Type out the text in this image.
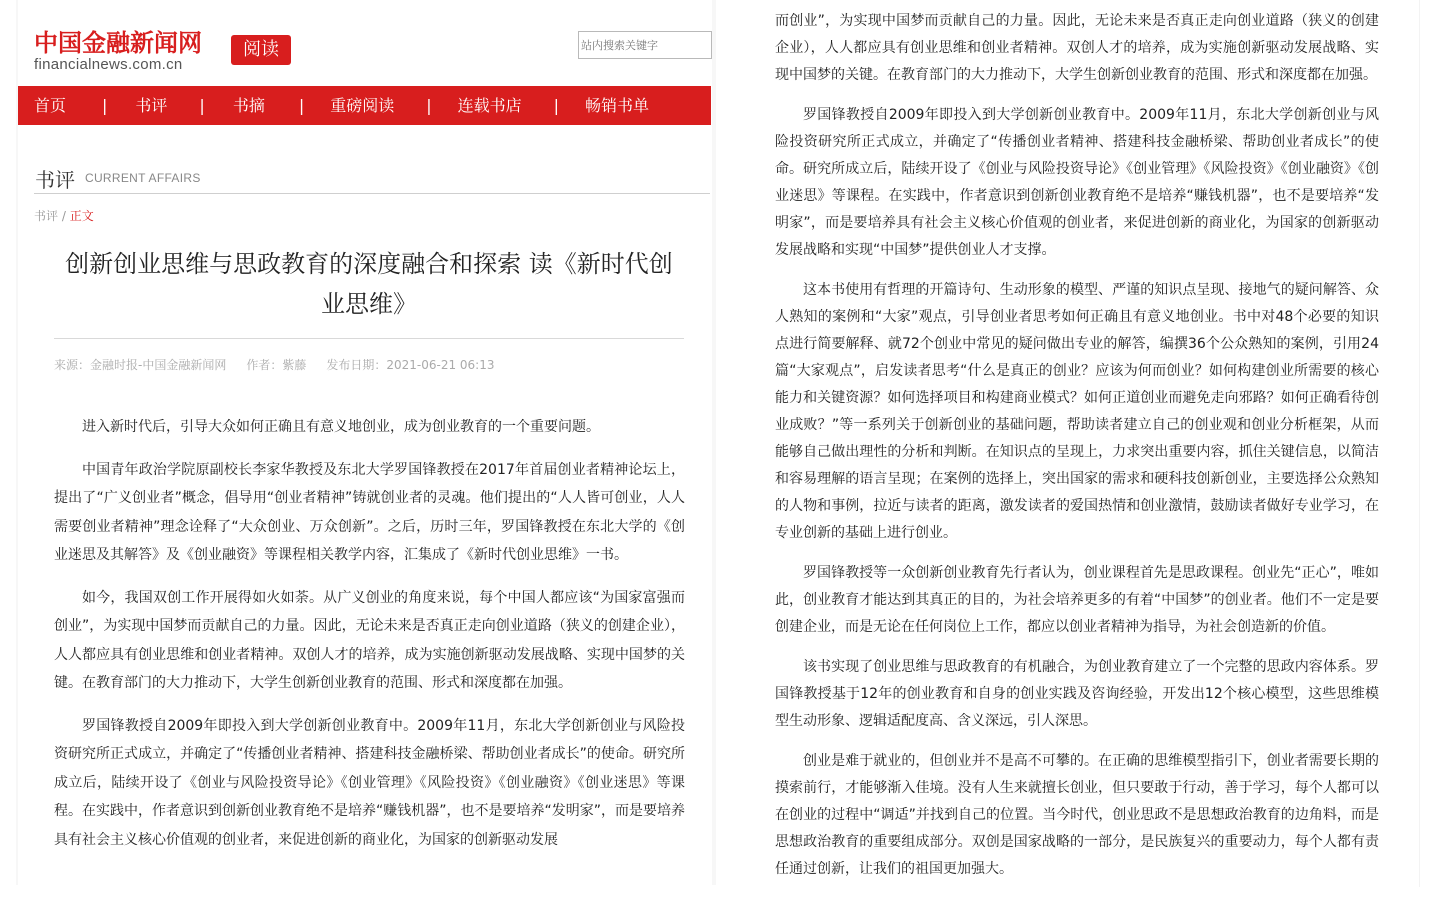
中国金融新闻网
financialnews.com.cn
阅读
站内搜索关键字
首页 | 书评 | 书摘 | 重磅阅读 | 连载书店 | 畅销书单
书评 CURRENT AFFAIRS
书评 / 正文
创新创业思维与思政教育的深度融合和探索 读《新时代创业思维》
来源：金融时报-中国金融新闻网 作者：紫藤 发布日期：2021-06-21 06:13

进入新时代后，引导大众如何正确且有意义地创业，成为创业教育的一个重要问题。

中国青年政治学院原副校长李家华教授及东北大学罗国锋教授在2017年首届创业者精神论坛上，提出了“广义创业者”概念，倡导用“创业者精神”铸就创业者的灵魂。他们提出的“人人皆可创业，人人需要创业者精神”理念诠释了“大众创业、万众创新”。之后，历时三年，罗国锋教授在东北大学的《创业迷思及其解答》及《创业融资》等课程相关教学内容，汇集成了《新时代创业思维》一书。

如今，我国双创工作开展得如火如荼。从广义创业的角度来说，每个中国人都应该“为国家富强而创业”，为实现中国梦而贡献自己的力量。因此，无论未来是否真正走向创业道路（狭义的创建企业），人人都应具有创业思维和创业者精神。双创人才的培养，成为实施创新驱动发展战略、实现中国梦的关键。在教育部门的大力推动下，大学生创新创业教育的范围、形式和深度都在加强。

罗国锋教授自2009年即投入到大学创新创业教育中。2009年11月，东北大学创新创业与风险投资研究所正式成立，并确定了“传播创业者精神、搭建科技金融桥梁、帮助创业者成长”的使命。研究所成立后，陆续开设了《创业与风险投资导论》《创业管理》《风险投资》《创业融资》《创业迷思》等课程。在实践中，作者意识到创新创业教育绝不是培养“赚钱机器”，也不是要培养“发明家”，而是要培养具有社会主义核心价值观的创业者，来促进创新的商业化，为国家的创新驱动发展

而创业”，为实现中国梦而贡献自己的力量。因此，无论未来是否真正走向创业道路（狭义的创建企业），人人都应具有创业思维和创业者精神。双创人才的培养，成为实施创新驱动发展战略、实现中国梦的关键。在教育部门的大力推动下，大学生创新创业教育的范围、形式和深度都在加强。

罗国锋教授自2009年即投入到大学创新创业教育中。2009年11月，东北大学创新创业与风险投资研究所正式成立，并确定了“传播创业者精神、搭建科技金融桥梁、帮助创业者成长”的使命。研究所成立后，陆续开设了《创业与风险投资导论》《创业管理》《风险投资》《创业融资》《创业迷思》等课程。在实践中，作者意识到创新创业教育绝不是培养“赚钱机器”，也不是要培养“发明家”，而是要培养具有社会主义核心价值观的创业者，来促进创新的商业化，为国家的创新驱动发展战略和实现“中国梦”提供创业人才支撑。

这本书使用有哲理的开篇诗句、生动形象的模型、严谨的知识点呈现、接地气的疑问解答、众人熟知的案例和“大家”观点，引导创业者思考如何正确且有意义地创业。书中对48个必要的知识点进行简要解释、就72个创业中常见的疑问做出专业的解答，编撰36个公众熟知的案例，引用24篇“大家观点”，启发读者思考“什么是真正的创业？应该为何而创业？如何构建创业所需要的核心能力和关键资源？如何选择项目和构建商业模式？如何正道创业而避免走向邪路？如何正确看待创业成败？”等一系列关于创新创业的基础问题，帮助读者建立自己的创业观和创业分析框架，从而能够自己做出理性的分析和判断。在知识点的呈现上，力求突出重要内容，抓住关键信息，以简洁和容易理解的语言呈现；在案例的选择上，突出国家的需求和硬科技创新创业，主要选择公众熟知的人物和事例，拉近与读者的距离，激发读者的爱国热情和创业激情，鼓励读者做好专业学习，在专业创新的基础上进行创业。

罗国锋教授等一众创新创业教育先行者认为，创业课程首先是思政课程。创业先“正心”，唯如此，创业教育才能达到其真正的目的，为社会培养更多的有着“中国梦”的创业者。他们不一定是要创建企业，而是无论在任何岗位上工作，都应以创业者精神为指导，为社会创造新的价值。

该书实现了创业思维与思政教育的有机融合，为创业教育建立了一个完整的思政内容体系。罗国锋教授基于12年的创业教育和自身的创业实践及咨询经验，开发出12个核心模型，这些思维模型生动形象、逻辑适配度高、含义深远，引人深思。

创业是难于就业的，但创业并不是高不可攀的。在正确的思维模型指引下，创业者需要长期的摸索前行，才能够渐入佳境。没有人生来就擅长创业，但只要敢于行动，善于学习，每个人都可以在创业的过程中“调适”并找到自己的位置。当今时代，创业思政不是思想政治教育的边角料，而是思想政治教育的重要组成部分。双创是国家战略的一部分，是民族复兴的重要动力，每个人都有责任通过创新，让我们的祖国更加强大。
